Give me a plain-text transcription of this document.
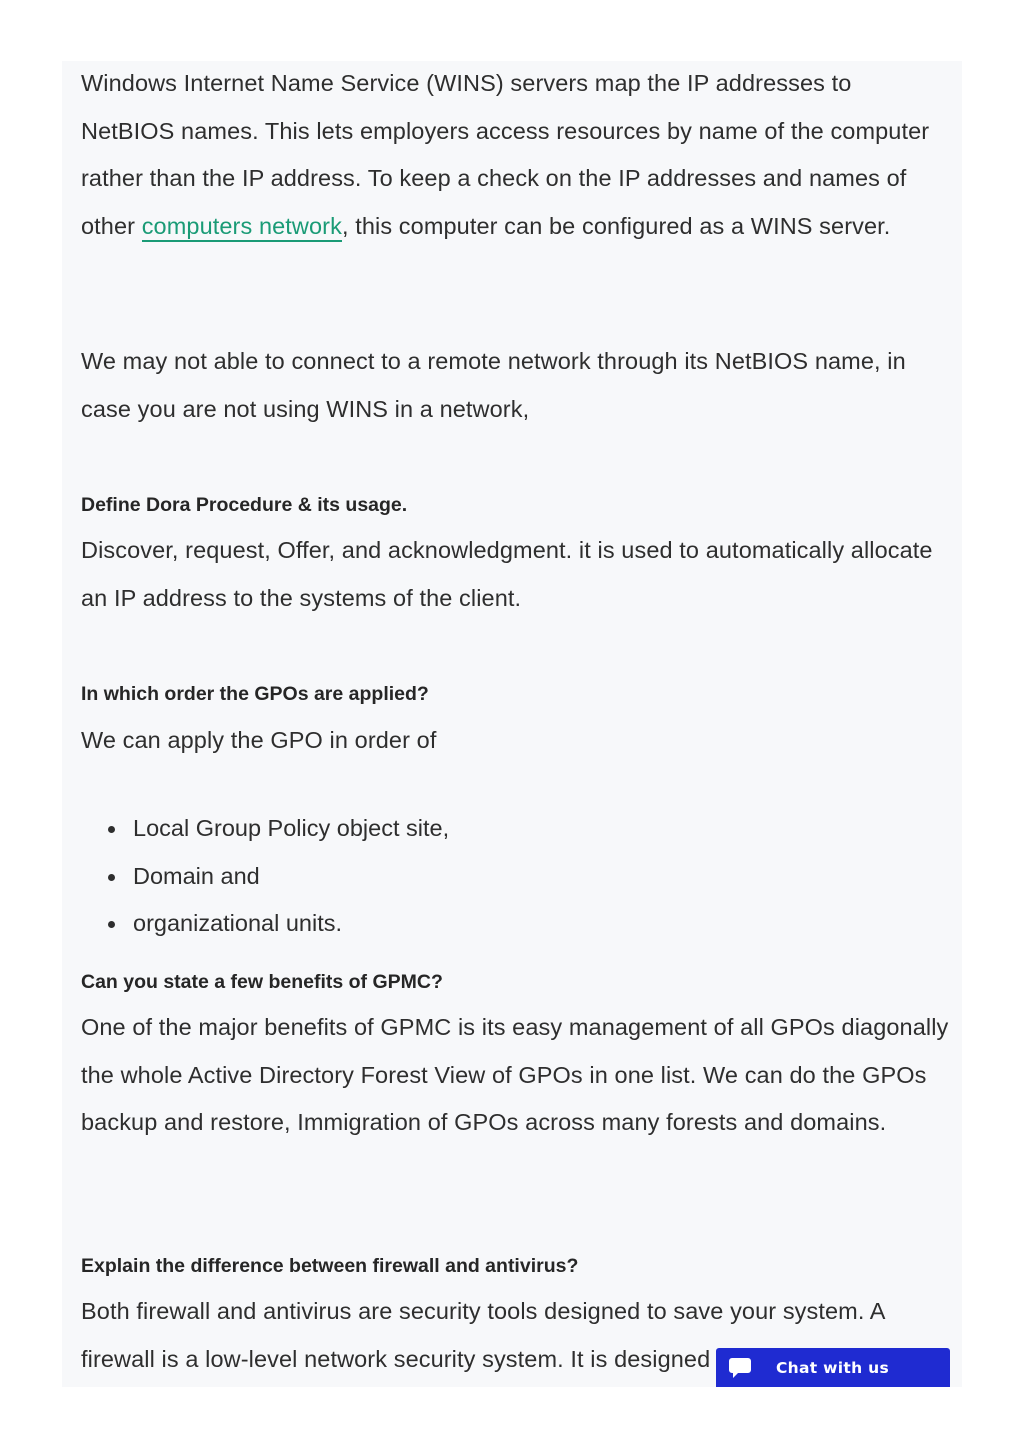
Windows Internet Name Service (WINS) servers map the IP addresses to NetBIOS names. This lets employers access resources by name of the computer rather than the IP address. To keep a check on the IP addresses and names of other computers network, this computer can be configured as a WINS server.

We may not able to connect to a remote network through its NetBIOS name, in case you are not using WINS in a network,

Define Dora Procedure & its usage.

Discover, request, Offer, and acknowledgment. it is used to automatically allocate an IP address to the systems of the client.

In which order the GPOs are applied?

We can apply the GPO in order of

Local Group Policy object site,
Domain and
organizational units.
Can you state a few benefits of GPMC?

One of the major benefits of GPMC is its easy management of all GPOs diagonally the whole Active Directory Forest View of GPOs in one list. We can do the GPOs backup and restore, Immigration of GPOs across many forests and domains.

Explain the difference between firewall and antivirus?

Both firewall and antivirus are security tools designed to save your system. A firewall is a low-level network security system. It is designed	Chat with us
